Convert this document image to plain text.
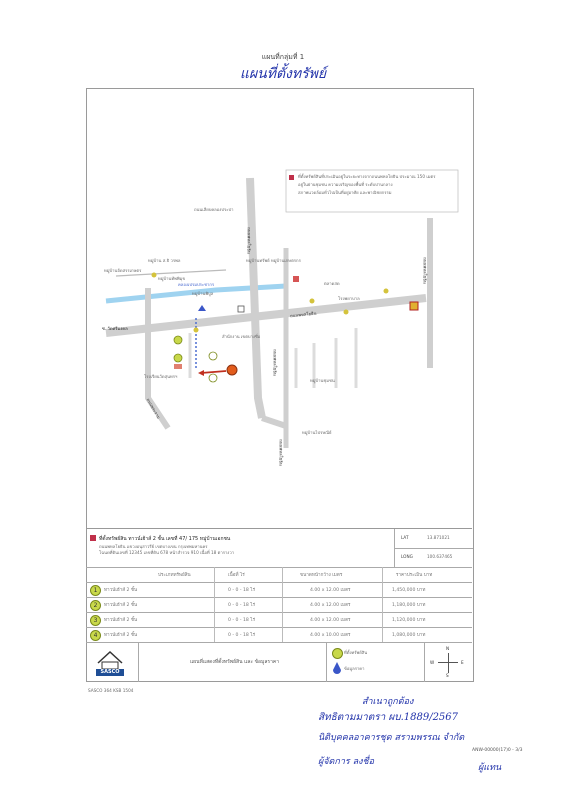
แผนที่กลุ่มที่ 1
แผนที่ตั้งทรัพย์
ถนนเลียบคลองประปา
หมู่บ้านจัดสรรเกษตร
หมู่บ้าน ส.ธิ วรพล
หมู่บ้านทัพพิมุข
หมู่บ้านทรัพย์ หมู่บ้านเกษตรกร
หมู่บ้านพิบูล
คลองเปรมประชากร
ซ. วัดศรีมงคล
ถนนพหลโยธิน
โรงเรียนวัดสุนทรฯ
สำนักงาน เขตบางซื่อ
ตลาดสด
โรงพยาบาล
หมู่บ้านไปรษณีย์
หมู่บ้านชุมชน
ถนนพระราม
ถนนพหลโยธิน
ถนนพหลโยธิน
ถนนพหลโยธิน
ถนนพหลโยธิน
ที่ตั้งทรัพย์สินที่ประเมินอยู่ในระยะทางจากถนนพหลโยธิน ประมาณ 150 เมตร
อยู่ในย่านชุมชน ความเจริญของพื้นที่ ระดับปานกลาง
สภาพแวดล้อมทั่วไปเป็นที่อยู่อาศัย และพาณิชยกรรม
ที่ตั้งทรัพย์สิน ทาวน์เฮ้าส์ 2 ชั้น เลขที่ 47/ 175 หมู่บ้านเอกชน
ถนนพหลโยธิน แขวงอนุสาวรีย์ เขตบางเขน กรุงเทพมหานคร
โฉนดที่ดินเลขที่ 12345 เลขที่ดิน 678 หน้าสำรวจ 910 เนื้อที่ 18 ตารางวา
LAT	13.871021
LONG	100.637465
ประเภททรัพย์สิน	เนื้อที่ ไร่	ขนาดหน้ากว้าง เมตร	ราคาประเมิน บาท
1	ทาวน์เฮ้าส์ 2 ชั้น	0 - 0 - 18 ไร่	4.00 x 12.00 เมตร	1,450,000 บาท
2	ทาวน์เฮ้าส์ 2 ชั้น	0 - 0 - 18 ไร่	4.00 x 12.00 เมตร	1,180,000 บาท
3	ทาวน์เฮ้าส์ 2 ชั้น	0 - 0 - 18 ไร่	4.00 x 12.00 เมตร	1,120,000 บาท
4	ทาวน์เฮ้าส์ 2 ชั้น	0 - 0 - 18 ไร่	4.00 x 10.00 เมตร	1,080,000 บาท
SASCO
แผนที่แสดงที่ตั้งทรัพย์สิน และ ข้อมูลราคา
ที่ตั้งทรัพย์สิน
ข้อมูลราคา
N
W	E
S
SASCO 364 KSB 1504
สำเนาถูกต้อง
สิทธิตามมาตรา ผบ.1889/2567
นิติบุคคลอาคารชุด สรามพรรณ จำกัด
ANW-00000(17)0 - 3/3
ผู้จัดการ ลงชื่อ
ผู้แทน
